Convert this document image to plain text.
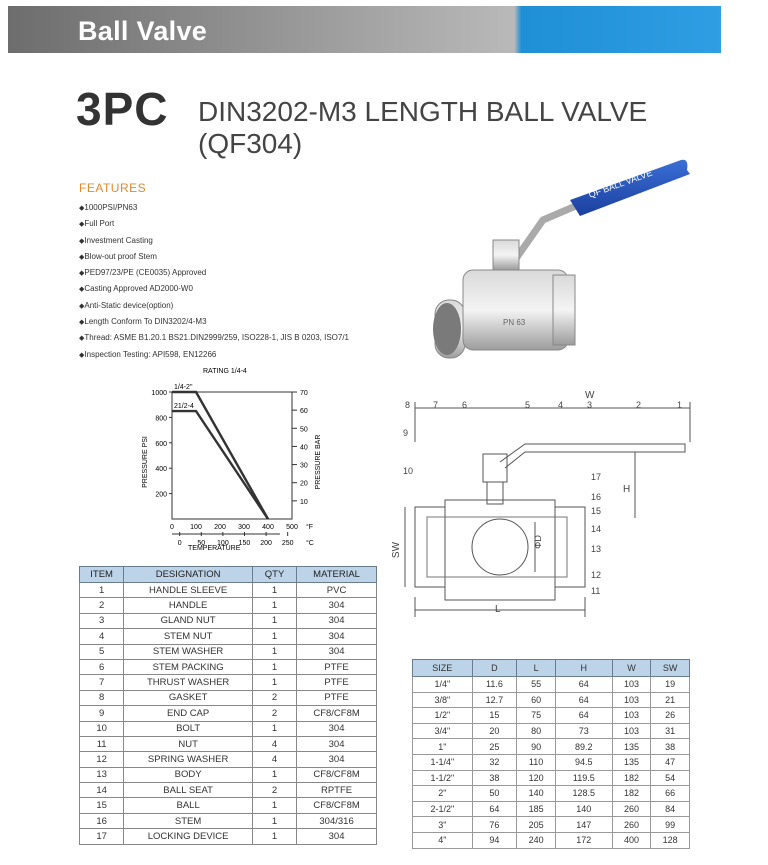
Ball Valve
3PC DIN3202-M3 LENGTH BALL VALVE
(QF304)
FEATURES
◆ 1000PSI/PN63
◆ Full Port
◆ Investment Casting
◆ Blow-out proof Stem
◆ PED97/23/PE (CE0035) Approved
◆ Casting Approved AD2000-W0
◆ Anti-Static device(option)
◆ Length Conform To DIN3202/4-M3
◆ Thread: ASME B1.20.1 BS21.DIN2999/259, ISO228-1, JIS B 0203, ISO7/1
◆ Inspection Testing: API598, EN12266
QF BALL VALVE
PN 63
RATING 1/4-4
1/4-2"
21/2-4
200
400
600
800
1000
10
20
30
40
50
60
70
0 100 200 300 400 500 °F
0 50 100 150 200 250 °C
TEMPERATURE
PRESSURE PSI	PRESSURE BAR
W
H
SW
L
ΦD
1
2
3
4
5
6
7
8
9
10
11
12
13
14
15
16
17
ITEM	DESIGNATION	QTY	MATERIAL
1	HANDLE SLEEVE	1	PVC
2	HANDLE	1	304
3	GLAND NUT	1	304
4	STEM NUT	1	304
5	STEM WASHER	1	304
6	STEM PACKING	1	PTFE
7	THRUST WASHER	1	PTFE
8	GASKET	2	PTFE
9	END CAP	2	CF8/CF8M
10	BOLT	1	304
11	NUT	4	304
12	SPRING WASHER	4	304
13	BODY	1	CF8/CF8M
14	BALL SEAT	2	RPTFE
15	BALL	1	CF8/CF8M
16	STEM	1	304/316
17	LOCKING DEVICE	1	304
SIZE	D	L	H	W	SW
1/4"	11.6	55	64	103	19
3/8"	12.7	60	64	103	21
1/2"	15	75	64	103	26
3/4"	20	80	73	103	31
1"	25	90	89.2	135	38
1-1/4"	32	110	94.5	135	47
1-1/2"	38	120	119.5	182	54
2"	50	140	128.5	182	66
2-1/2"	64	185	140	260	84
3"	76	205	147	260	99
4"	94	240	172	400	128
